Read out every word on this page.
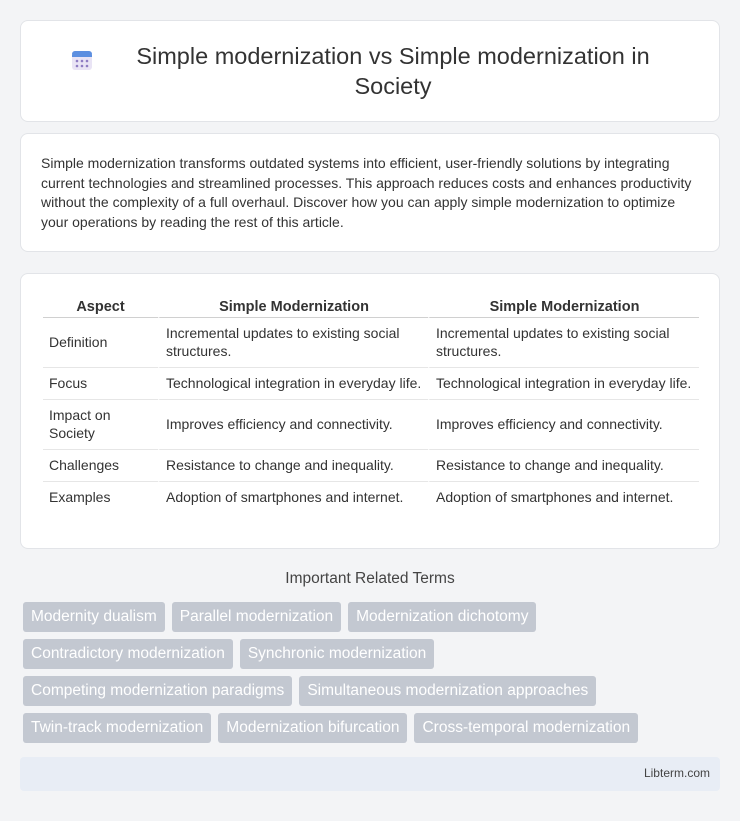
Simple modernization vs Simple modernization in Society

Simple modernization transforms outdated systems into efficient, user-friendly solutions by integrating current technologies and streamlined processes. This approach reduces costs and enhances productivity without the complexity of a full overhaul. Discover how you can apply simple modernization to optimize your operations by reading the rest of this article.

Aspect	Simple Modernization	Simple Modernization
Definition	Incremental updates to existing social structures.	Incremental updates to existing social structures.
Focus	Technological integration in everyday life.	Technological integration in everyday life.
Impact on Society	Improves efficiency and connectivity.	Improves efficiency and connectivity.
Challenges	Resistance to change and inequality.	Resistance to change and inequality.
Examples	Adoption of smartphones and internet.	Adoption of smartphones and internet.
Important Related Terms
Modernity dualism	Parallel modernization	Modernization dichotomy
Contradictory modernization	Synchronic modernization
Competing modernization paradigms	Simultaneous modernization approaches
Twin-track modernization	Modernization bifurcation	Cross-temporal modernization
Libterm.com
